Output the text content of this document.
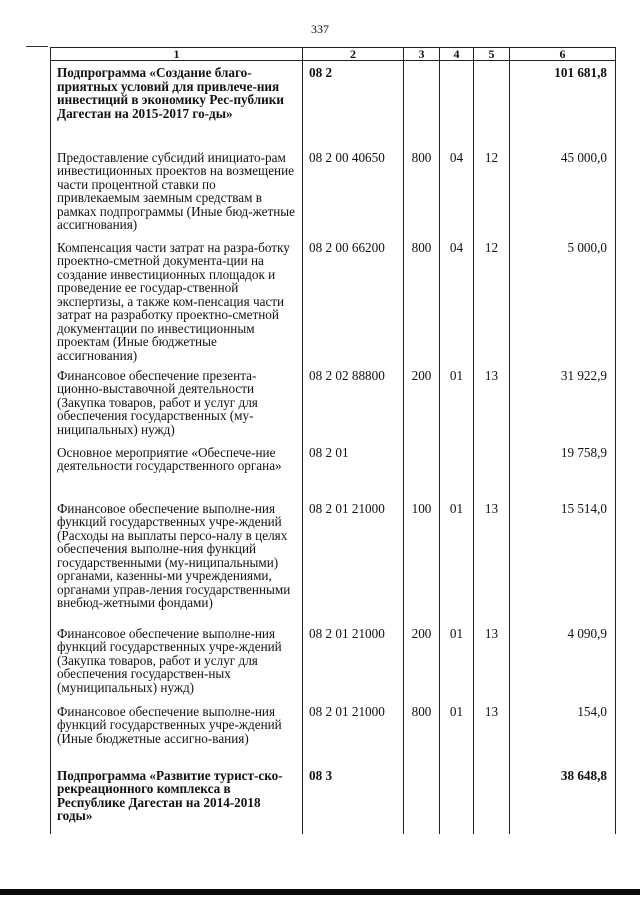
337
1	2	3	4	5	6
Подпрограмма «Создание благо-приятных условий для привлече-ния инвестиций в экономику Рес-публики Дагестан на 2015-2017 го-ды»	08 2				101 681,8
Предоставление субсидий инициато-рам инвестиционных проектов на возмещение части процентной ставки по привлекаемым заемным средствам в рамках подпрограммы (Иные бюд-жетные ассигнования)	08 2 00 40650	800	04	12	45 000,0
Компенсация части затрат на разра-ботку проектно-сметной документа-ции на создание инвестиционных площадок и проведение ее государ-ственной экспертизы, а также ком-пенсация части затрат на разработку проектно-сметной документации по инвестиционным проектам (Иные бюджетные ассигнования)	08 2 00 66200	800	04	12	5 000,0
Финансовое обеспечение презента-ционно-выставочной деятельности (Закупка товаров, работ и услуг для обеспечения государственных (му-ниципальных) нужд)	08 2 02 88800	200	01	13	31 922,9
Основное мероприятие «Обеспече-ние деятельности государственного органа»	08 2 01				19 758,9
Финансовое обеспечение выполне-ния функций государственных учре-ждений (Расходы на выплаты персо-налу в целях обеспечения выполне-ния функций государственными (му-ниципальными) органами, казенны-ми учреждениями, органами управ-ления государственными внебюд-жетными фондами)	08 2 01 21000	100	01	13	15 514,0
Финансовое обеспечение выполне-ния функций государственных учре-ждений (Закупка товаров, работ и услуг для обеспечения государствен-ных (муниципальных) нужд)	08 2 01 21000	200	01	13	4 090,9
Финансовое обеспечение выполне-ния функций государственных учре-ждений (Иные бюджетные ассигно-вания)	08 2 01 21000	800	01	13	154,0
Подпрограмма «Развитие турист-ско-рекреационного комплекса в Республике Дагестан на 2014-2018 годы»	08 3				38 648,8
